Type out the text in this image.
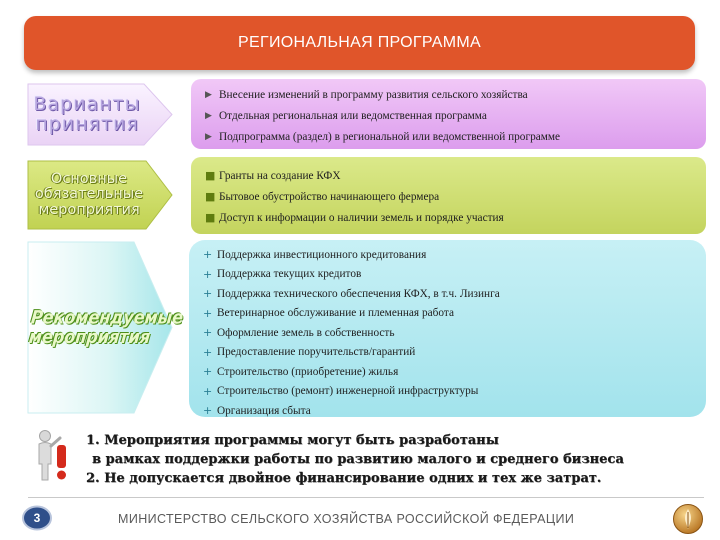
РЕГИОНАЛЬНАЯ ПРОГРАММА
Варианты принятия
Основные обязательные мероприятия
Рекомендуемые мероприятия
▶ Внесение изменений в программу развития сельского хозяйства
▶ Отдельная региональная или ведомственная программа
▶ Подпрограмма (раздел) в региональной или ведомственной программе
■ Гранты на создание КФХ
■ Бытовое обустройство начинающего фермера
■ Доступ к информации о наличии земель и порядке участия
+ Поддержка инвестиционного кредитования
+ Поддержка текущих кредитов
+ Поддержка технического обеспечения КФХ, в т.ч. Лизинга
+ Ветеринарное обслуживание и племенная работа
+ Оформление земель в собственность
+ Предоставление поручительств/гарантий
+ Строительство (приобретение) жилья
+ Строительство (ремонт) инженерной инфраструктуры
+ Организация сбыта
1. Мероприятия программы могут быть разработаны
в рамках поддержки работы по развитию малого и среднего бизнеса
2. Не допускается двойное финансирование одних и тех же затрат.
3	МИНИСТЕРСТВО СЕЛЬСКОГО ХОЗЯЙСТВА РОССИЙСКОЙ ФЕДЕРАЦИИ
